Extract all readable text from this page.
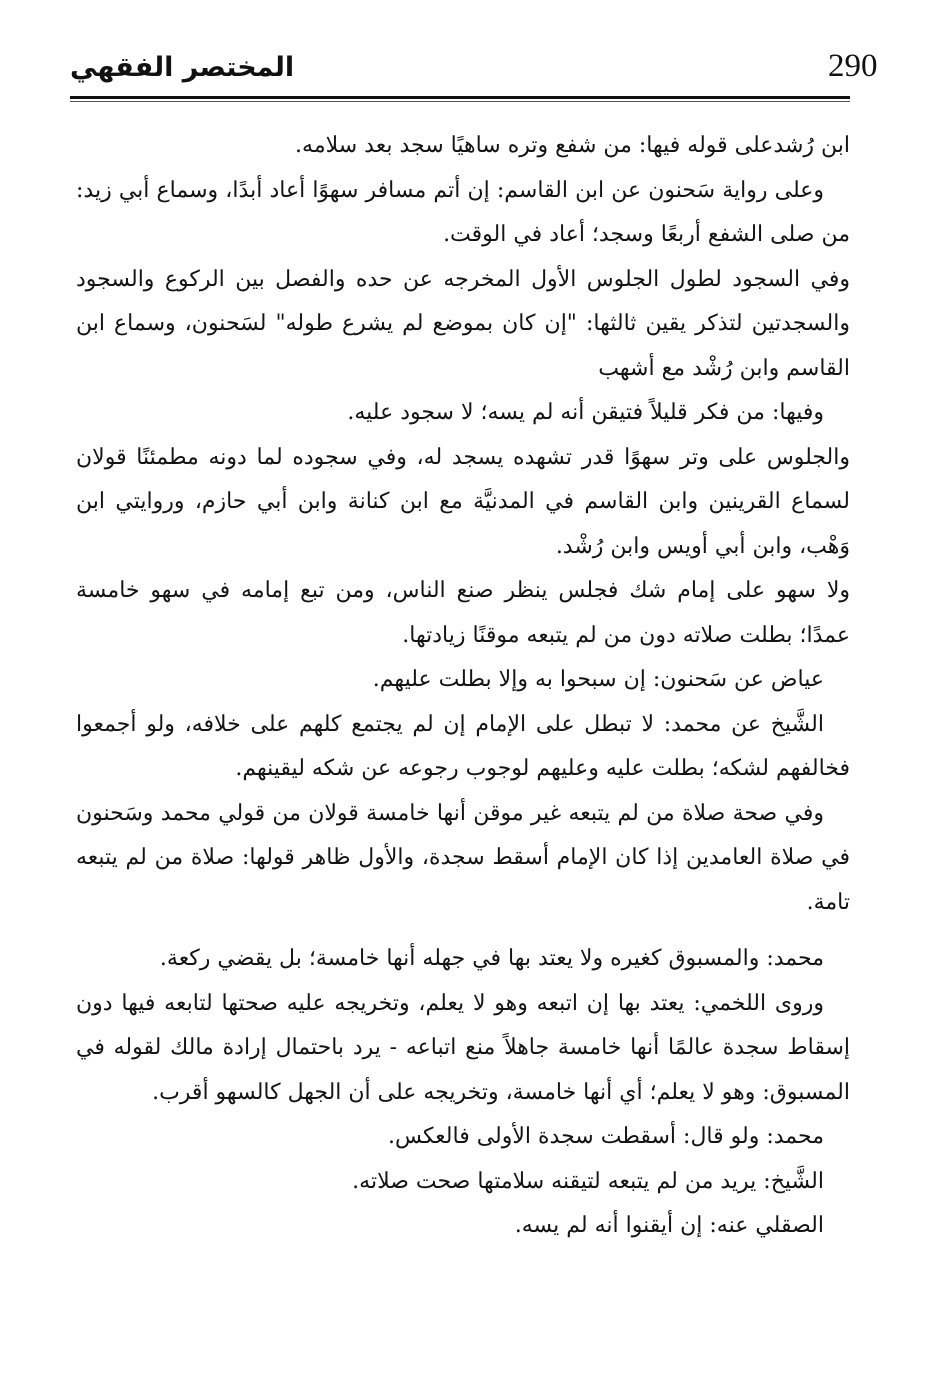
290
المختصر الفقهي

ابن رُشدعلى قوله فيها: من شفع وتره ساهيًا سجد بعد سلامه.

وعلى رواية سَحنون عن ابن القاسم: إن أتم مسافر سهوًا أعاد أبدًا، وسماع أبي زيد: من صلى الشفع أربعًا وسجد؛ أعاد في الوقت.

وفي السجود لطول الجلوس الأول المخرجه عن حده والفصل بين الركوع والسجود والسجدتين لتذكر يقين ثالثها: "إن كان بموضع لم يشرع طوله" لسَحنون، وسماع ابن القاسم وابن رُشْد مع أشهب

وفيها: من فكر قليلاً فتيقن أنه لم يسه؛ لا سجود عليه.

والجلوس على وتر سهوًا قدر تشهده يسجد له، وفي سجوده لما دونه مطمئنًا قولان لسماع القرينين وابن القاسم في المدنيَّة مع ابن كنانة وابن أبي حازم، وروايتي ابن وَهْب، وابن أبي أويس وابن رُشْد.

ولا سهو على إمام شك فجلس ينظر صنع الناس، ومن تبع إمامه في سهو خامسة عمدًا؛ بطلت صلاته دون من لم يتبعه موقنًا زيادتها.

عياض عن سَحنون: إن سبحوا به وإلا بطلت عليهم.

الشَّيخ عن محمد: لا تبطل على الإمام إن لم يجتمع كلهم على خلافه، ولو أجمعوا فخالفهم لشكه؛ بطلت عليه وعليهم لوجوب رجوعه عن شكه ليقينهم.

وفي صحة صلاة من لم يتبعه غير موقن أنها خامسة قولان من قولي محمد وسَحنون في صلاة العامدين إذا كان الإمام أسقط سجدة، والأول ظاهر قولها: صلاة من لم يتبعه تامة.

محمد: والمسبوق كغيره ولا يعتد بها في جهله أنها خامسة؛ بل يقضي ركعة.

وروى اللخمي: يعتد بها إن اتبعه وهو لا يعلم، وتخريجه عليه صحتها لتابعه فيها دون إسقاط سجدة عالمًا أنها خامسة جاهلاً منع اتباعه - يرد باحتمال إرادة مالك لقوله في المسبوق: وهو لا يعلم؛ أي أنها خامسة، وتخريجه على أن الجهل كالسهو أقرب.

محمد: ولو قال: أسقطت سجدة الأولى فالعكس.

الشَّيخ: يريد من لم يتبعه لتيقنه سلامتها صحت صلاته.

الصقلي عنه: إن أيقنوا أنه لم يسه.
